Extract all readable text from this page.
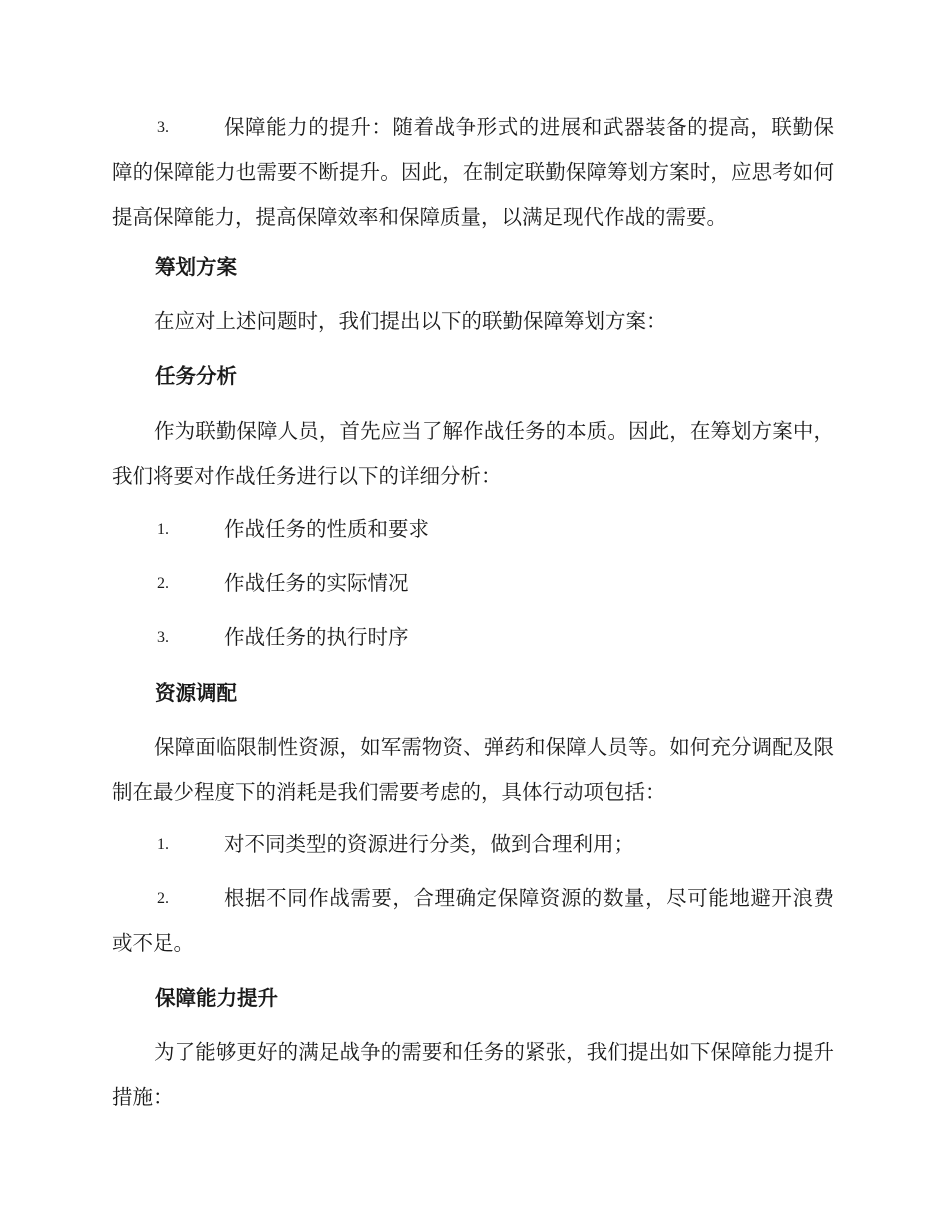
3.	保障能力的提升：随着战争形式的进展和武器装备的提高，联勤保障的保障能力也需要不断提升。因此，在制定联勤保障筹划方案时，应思考如何提高保障能力，提高保障效率和保障质量，以满足现代作战的需要。
筹划方案

在应对上述问题时，我们提出以下的联勤保障筹划方案：

任务分析

作为联勤保障人员，首先应当了解作战任务的本质。因此，在筹划方案中，我们将要对作战任务进行以下的详细分析：

1.	作战任务的性质和要求
2.	作战任务的实际情况
3.	作战任务的执行时序
资源调配

保障面临限制性资源，如军需物资、弹药和保障人员等。如何充分调配及限制在最少程度下的消耗是我们需要考虑的，具体行动项包括：

1.	对不同类型的资源进行分类，做到合理利用；
2.	根据不同作战需要，合理确定保障资源的数量，尽可能地避开浪费或不足。
保障能力提升

为了能够更好的满足战争的需要和任务的紧张，我们提出如下保障能力提升措施：
